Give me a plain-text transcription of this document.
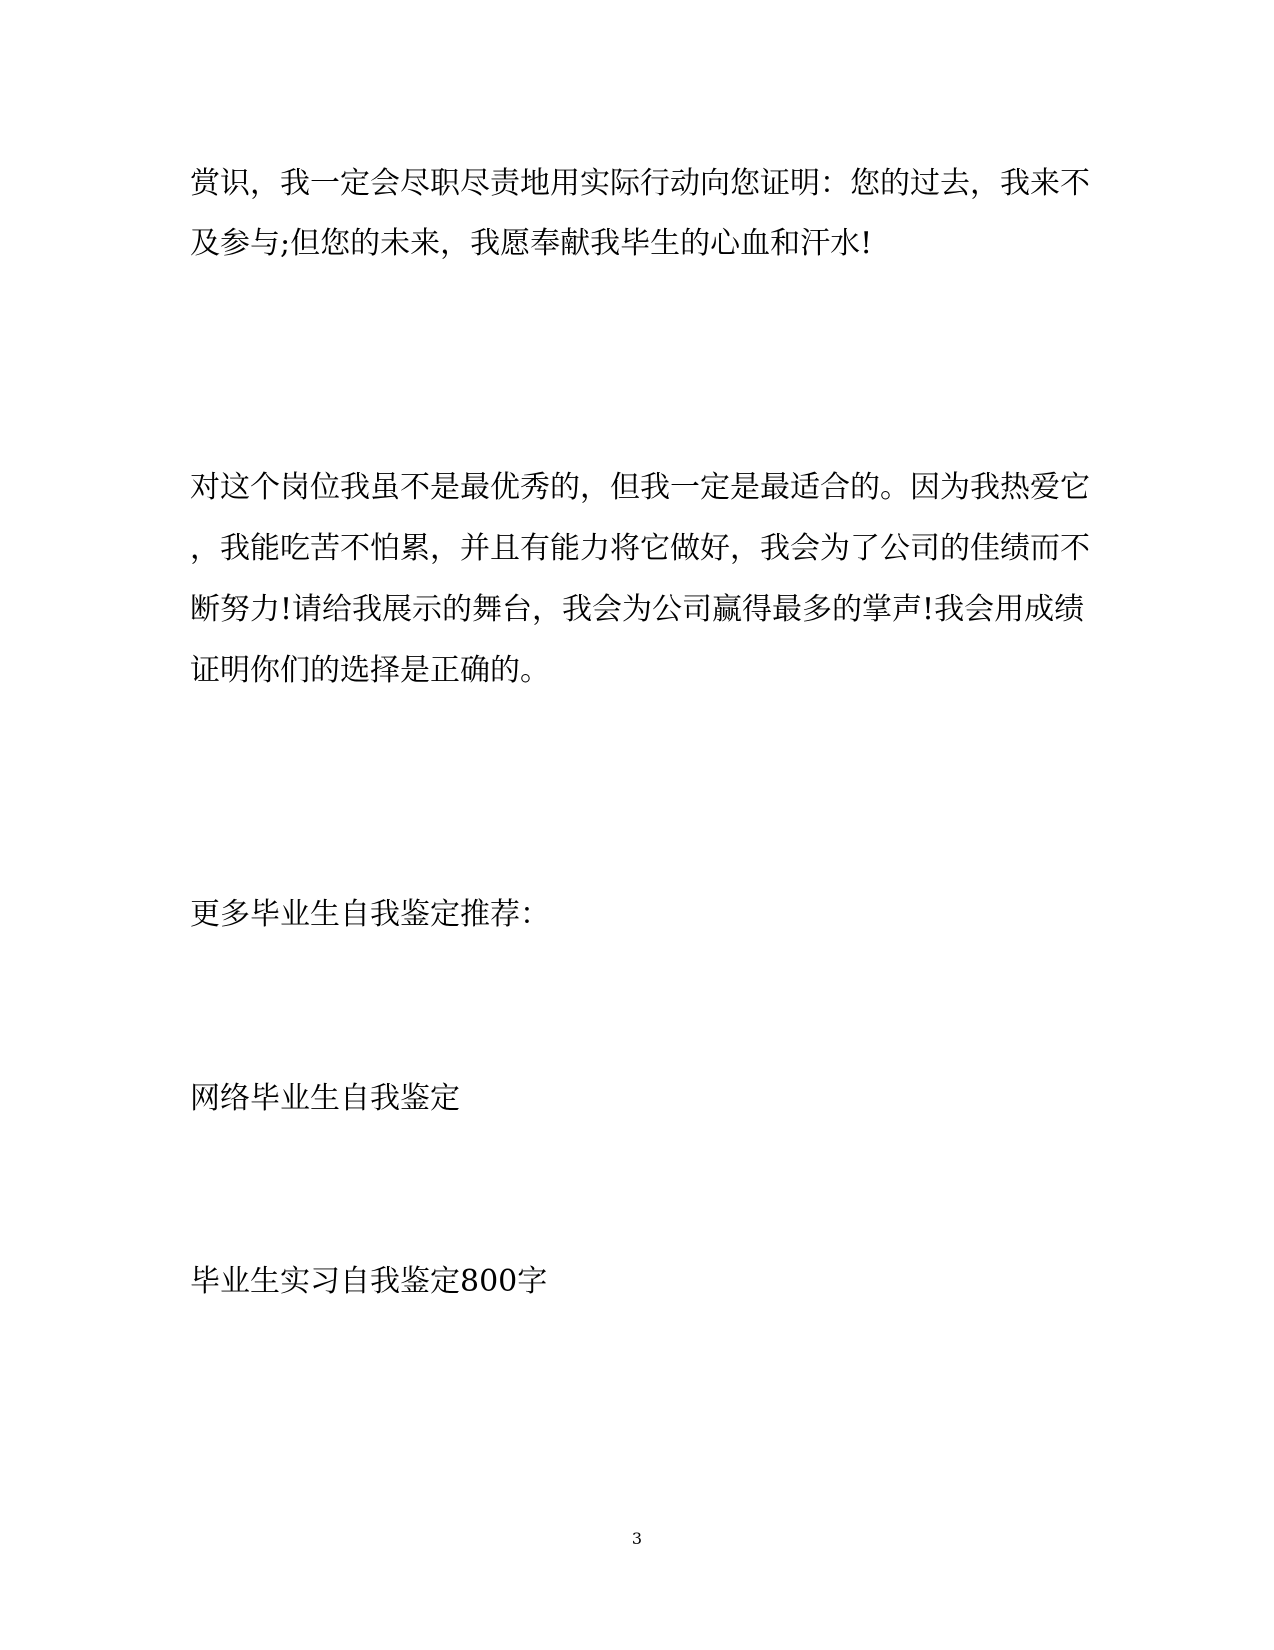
赏识，我一定会尽职尽责地用实际行动向您证明：您的过去，我来不
及参与;但您的未来，我愿奉献我毕生的心血和汗水!
对这个岗位我虽不是最优秀的，但我一定是最适合的。因为我热爱它
，我能吃苦不怕累，并且有能力将它做好，我会为了公司的佳绩而不
断努力!请给我展示的舞台，我会为公司赢得最多的掌声!我会用成绩
证明你们的选择是正确的。
更多毕业生自我鉴定推荐：
网络毕业生自我鉴定
毕业生实习自我鉴定800字
3
